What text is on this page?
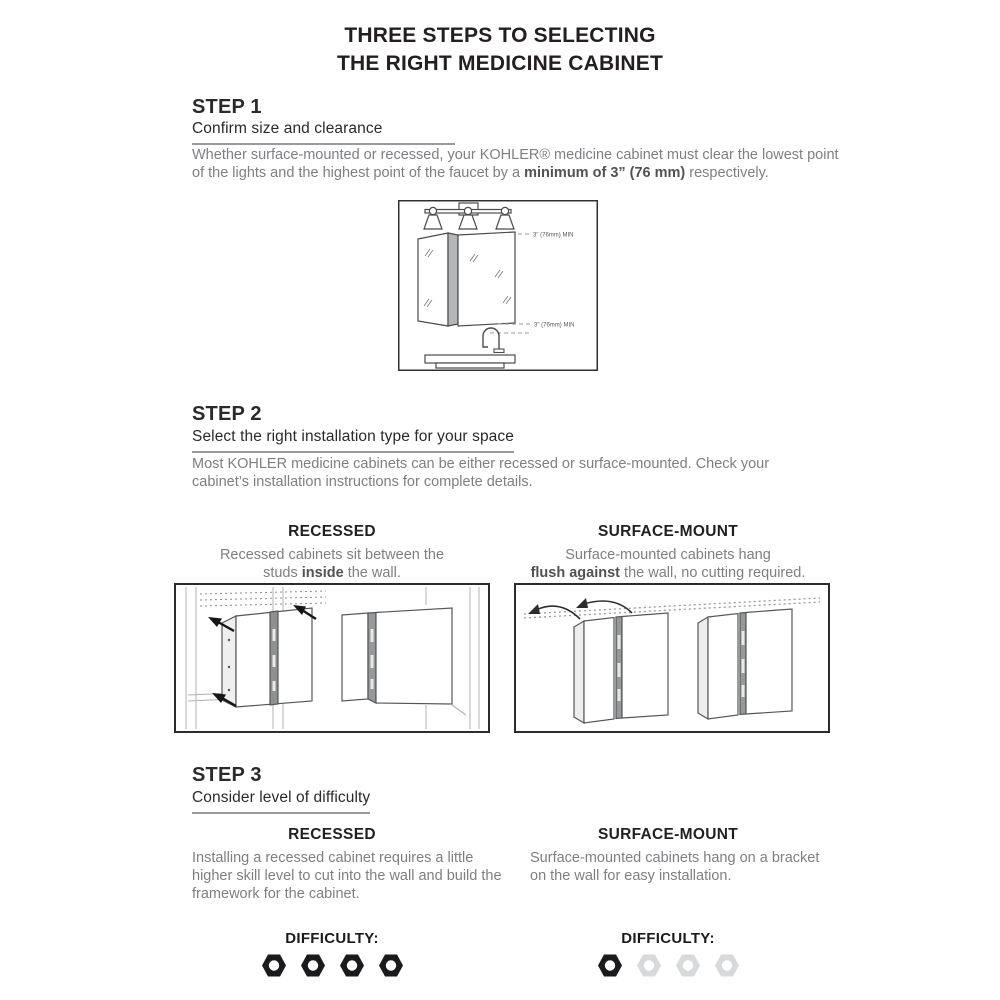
THREE STEPS TO SELECTING
THE RIGHT MEDICINE CABINET
STEP 1
Confirm size and clearance
Whether surface-mounted or recessed, your KOHLER® medicine cabinet must clear the lowest point of the lights and the highest point of the faucet by a minimum of 3” (76 mm) respectively.
3" (76mm) MIN
3" (76mm) MIN
STEP 2
Select the right installation type for your space
Most KOHLER medicine cabinets can be either recessed or surface-mounted. Check your cabinet’s installation instructions for complete details.
RECESSED
Recessed cabinets sit between the
studs inside the wall.
SURFACE-MOUNT
Surface-mounted cabinets hang
flush against the wall, no cutting required.
STEP 3
Consider level of difficulty
RECESSED
Installing a recessed cabinet requires a little higher skill level to cut into the wall and build the framework for the cabinet.
SURFACE-MOUNT
Surface-mounted cabinets hang on a bracket on the wall for easy installation.
DIFFICULTY:	DIFFICULTY:
